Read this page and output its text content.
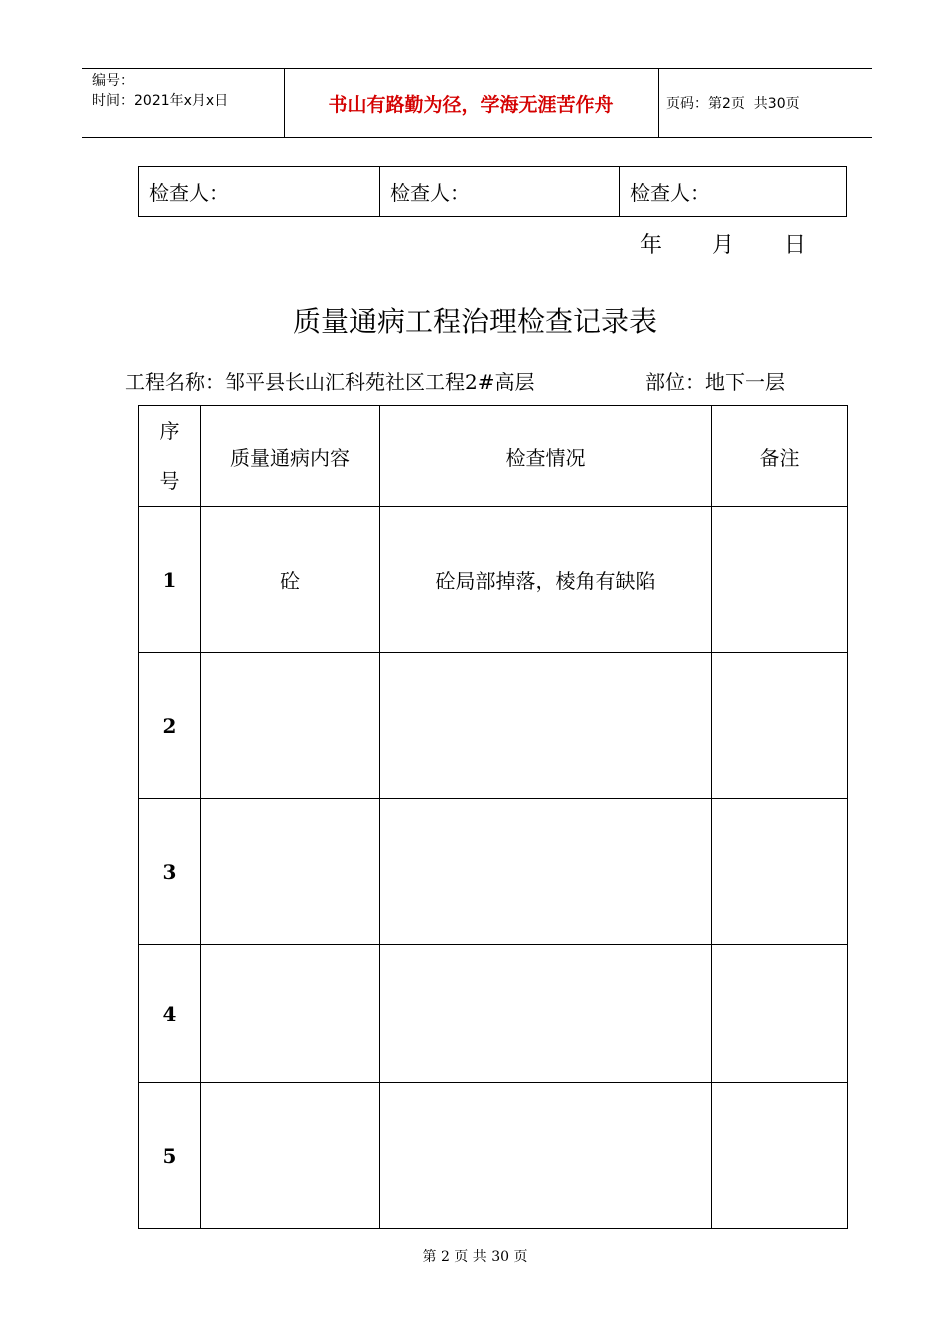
编号：
时间：2021年x月x日	书山有路勤为径，学海无涯苦作舟	页码：第2页  共30页
检查人：	检查人：	检查人：
年 月 日
质量通病工程治理检查记录表
工程名称：邹平县长山汇科苑社区工程2#高层	部位：地下一层
序
号	质量通病内容	检查情况	备注
1	砼	砼局部掉落，棱角有缺陷	
2			
3			
4			
5			
第 2 页 共 30 页
